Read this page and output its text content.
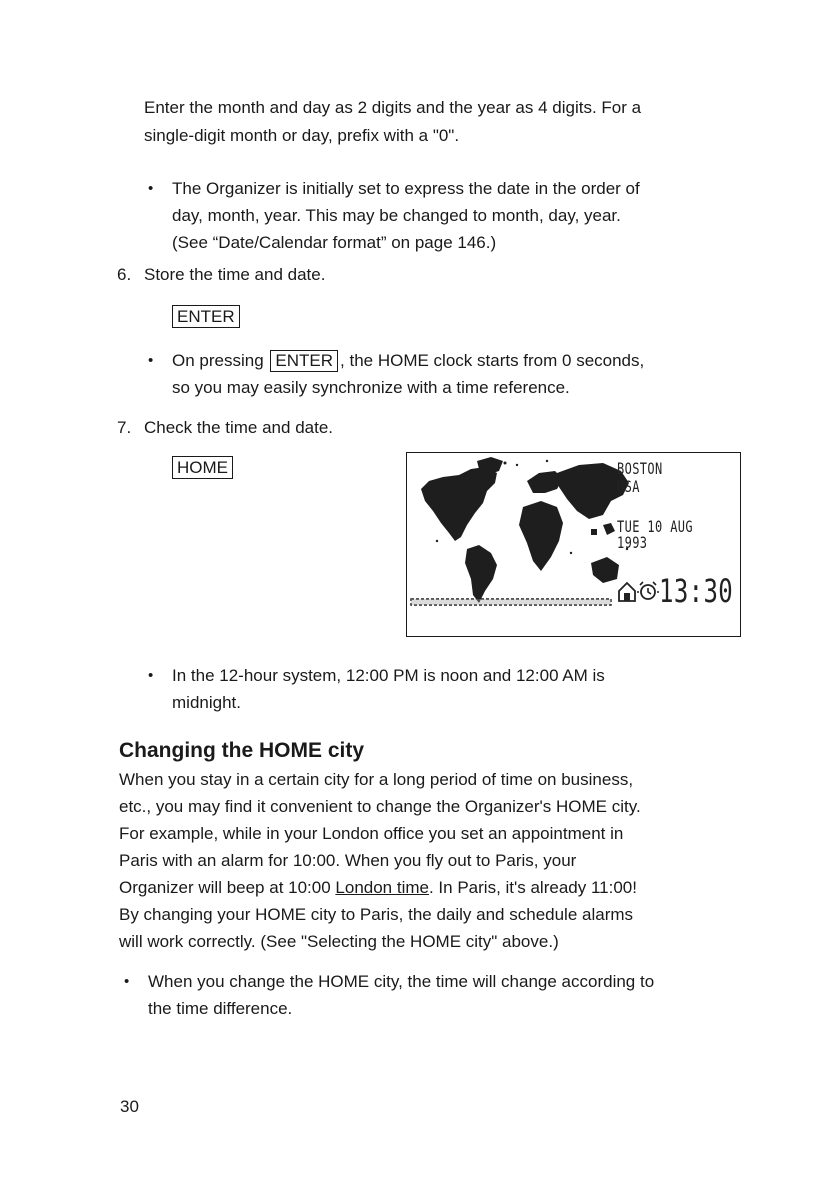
Enter the month and day as 2 digits and the year as 4 digits. For a

single-digit month or day, prefix with a "0".

• The Organizer is initially set to express the date in the order of

day, month, year. This may be changed to month, day, year.

(See “Date/Calendar format” on page 146.)

6. Store the time and date.
ENTER
• On pressing ENTER , the HOME clock starts from 0 seconds,

so you may easily synchronize with a time reference.

7. Check the time and date.
HOME	BOSTON
USA
TUE 10 AUG 1993
13:30
• In the 12-hour system, 12:00 PM is noon and 12:00 AM is

midnight.

Changing the HOME city

When you stay in a certain city for a long period of time on business,

etc., you may find it convenient to change the Organizer's HOME city.

For example, while in your London office you set an appointment in

Paris with an alarm for 10:00. When you fly out to Paris, your

Organizer will beep at 10:00 London time. In Paris, it's already 11:00!

By changing your HOME city to Paris, the daily and schedule alarms

will work correctly. (See "Selecting the HOME city" above.)

• When you change the HOME city, the time will change according to

the time difference.

30
